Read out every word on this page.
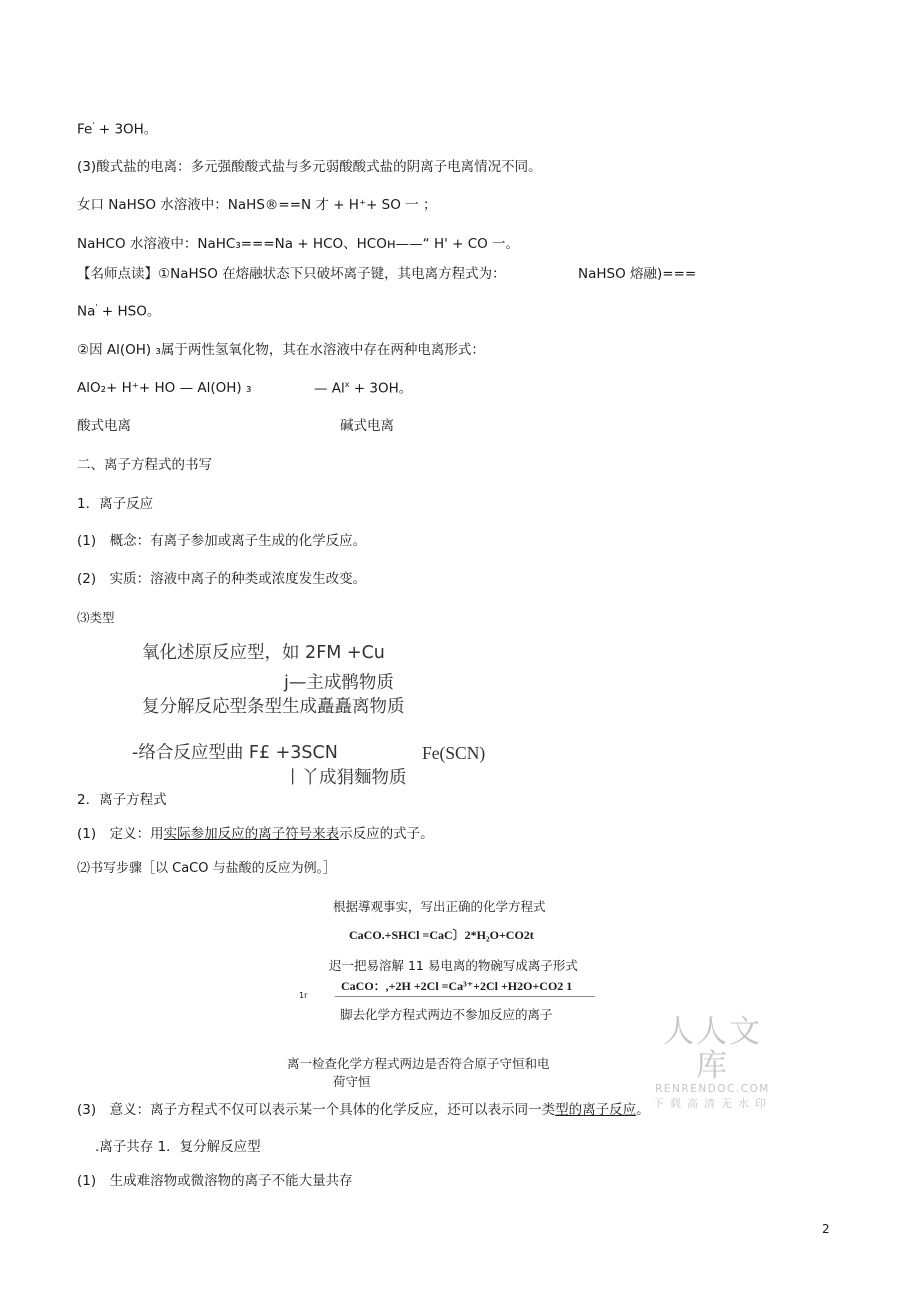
Fe' + 3OH。
(3)酸式盐的电离：多元强酸酸式盐与多元弱酸酸式盐的阴离子电离情况不同。
女口 NaHSO 水溶液中：NaHS®==N 才 + H⁺+ SO 一 ；
NaHCO 水溶液中：NaHC₃===Na + HCO、HCOн——“ H' + CO 一。
【名师点读】①NaHSO 在熔融状态下只破坏离子键，其电离方程式为：	NaHSO 熔融)===
Na' + HSO。
②因 Al(OH) ₃属于两性氢氧化物，其在水溶液中存在两种电离形式：
AlO₂+ H⁺+ HO — Al(OH) ₃	— $Al^x + 3OH$。
酸式电离	碱式电离
二、离子方程式的书写
1．离子反应
(1)　概念：有离子参加或离子生成的化学反应。
(2)　实质：溶液中离子的种类或浓度发生改变。
⑶类型
氧化述原反应型，如 2FM +Cu
j—主成鹘物质
复分解反応型条型生成矗矗离物质
-络合反应型曲 F£ +3SCN	Fe(SCN)
丨丫成狷麵物质
2．离子方程式
(1)　定义：用实际参加反应的离子符号来表示反应的式子。
⑵书写步骤［以 CaCO 与盐酸的反应为例。］
根据導观事实，写出正确的化学方程式
CaCO.+SHCl =CaC〕2*H₂O+CO2t
迟一把易溶解 11 易电离的物碗写成离子形式
1r
CaCO：,+2H +2Cl =Ca³⁺+2Cl +H2O+CO2 1
脚去化学方程式两边不参加反应的离子
离一检查化学方程式两边是否符合原子守恒和电
荷守恒
人人文库
RENRENDOC.COM
下载高清无水印
(3)　意义：离子方程式不仅可以表示某一个具体的化学反应，还可以表示同一类型的离子反应。
.离子共存 1．复分解反应型
(1)　生成难溶物或微溶物的离子不能大量共存
2
